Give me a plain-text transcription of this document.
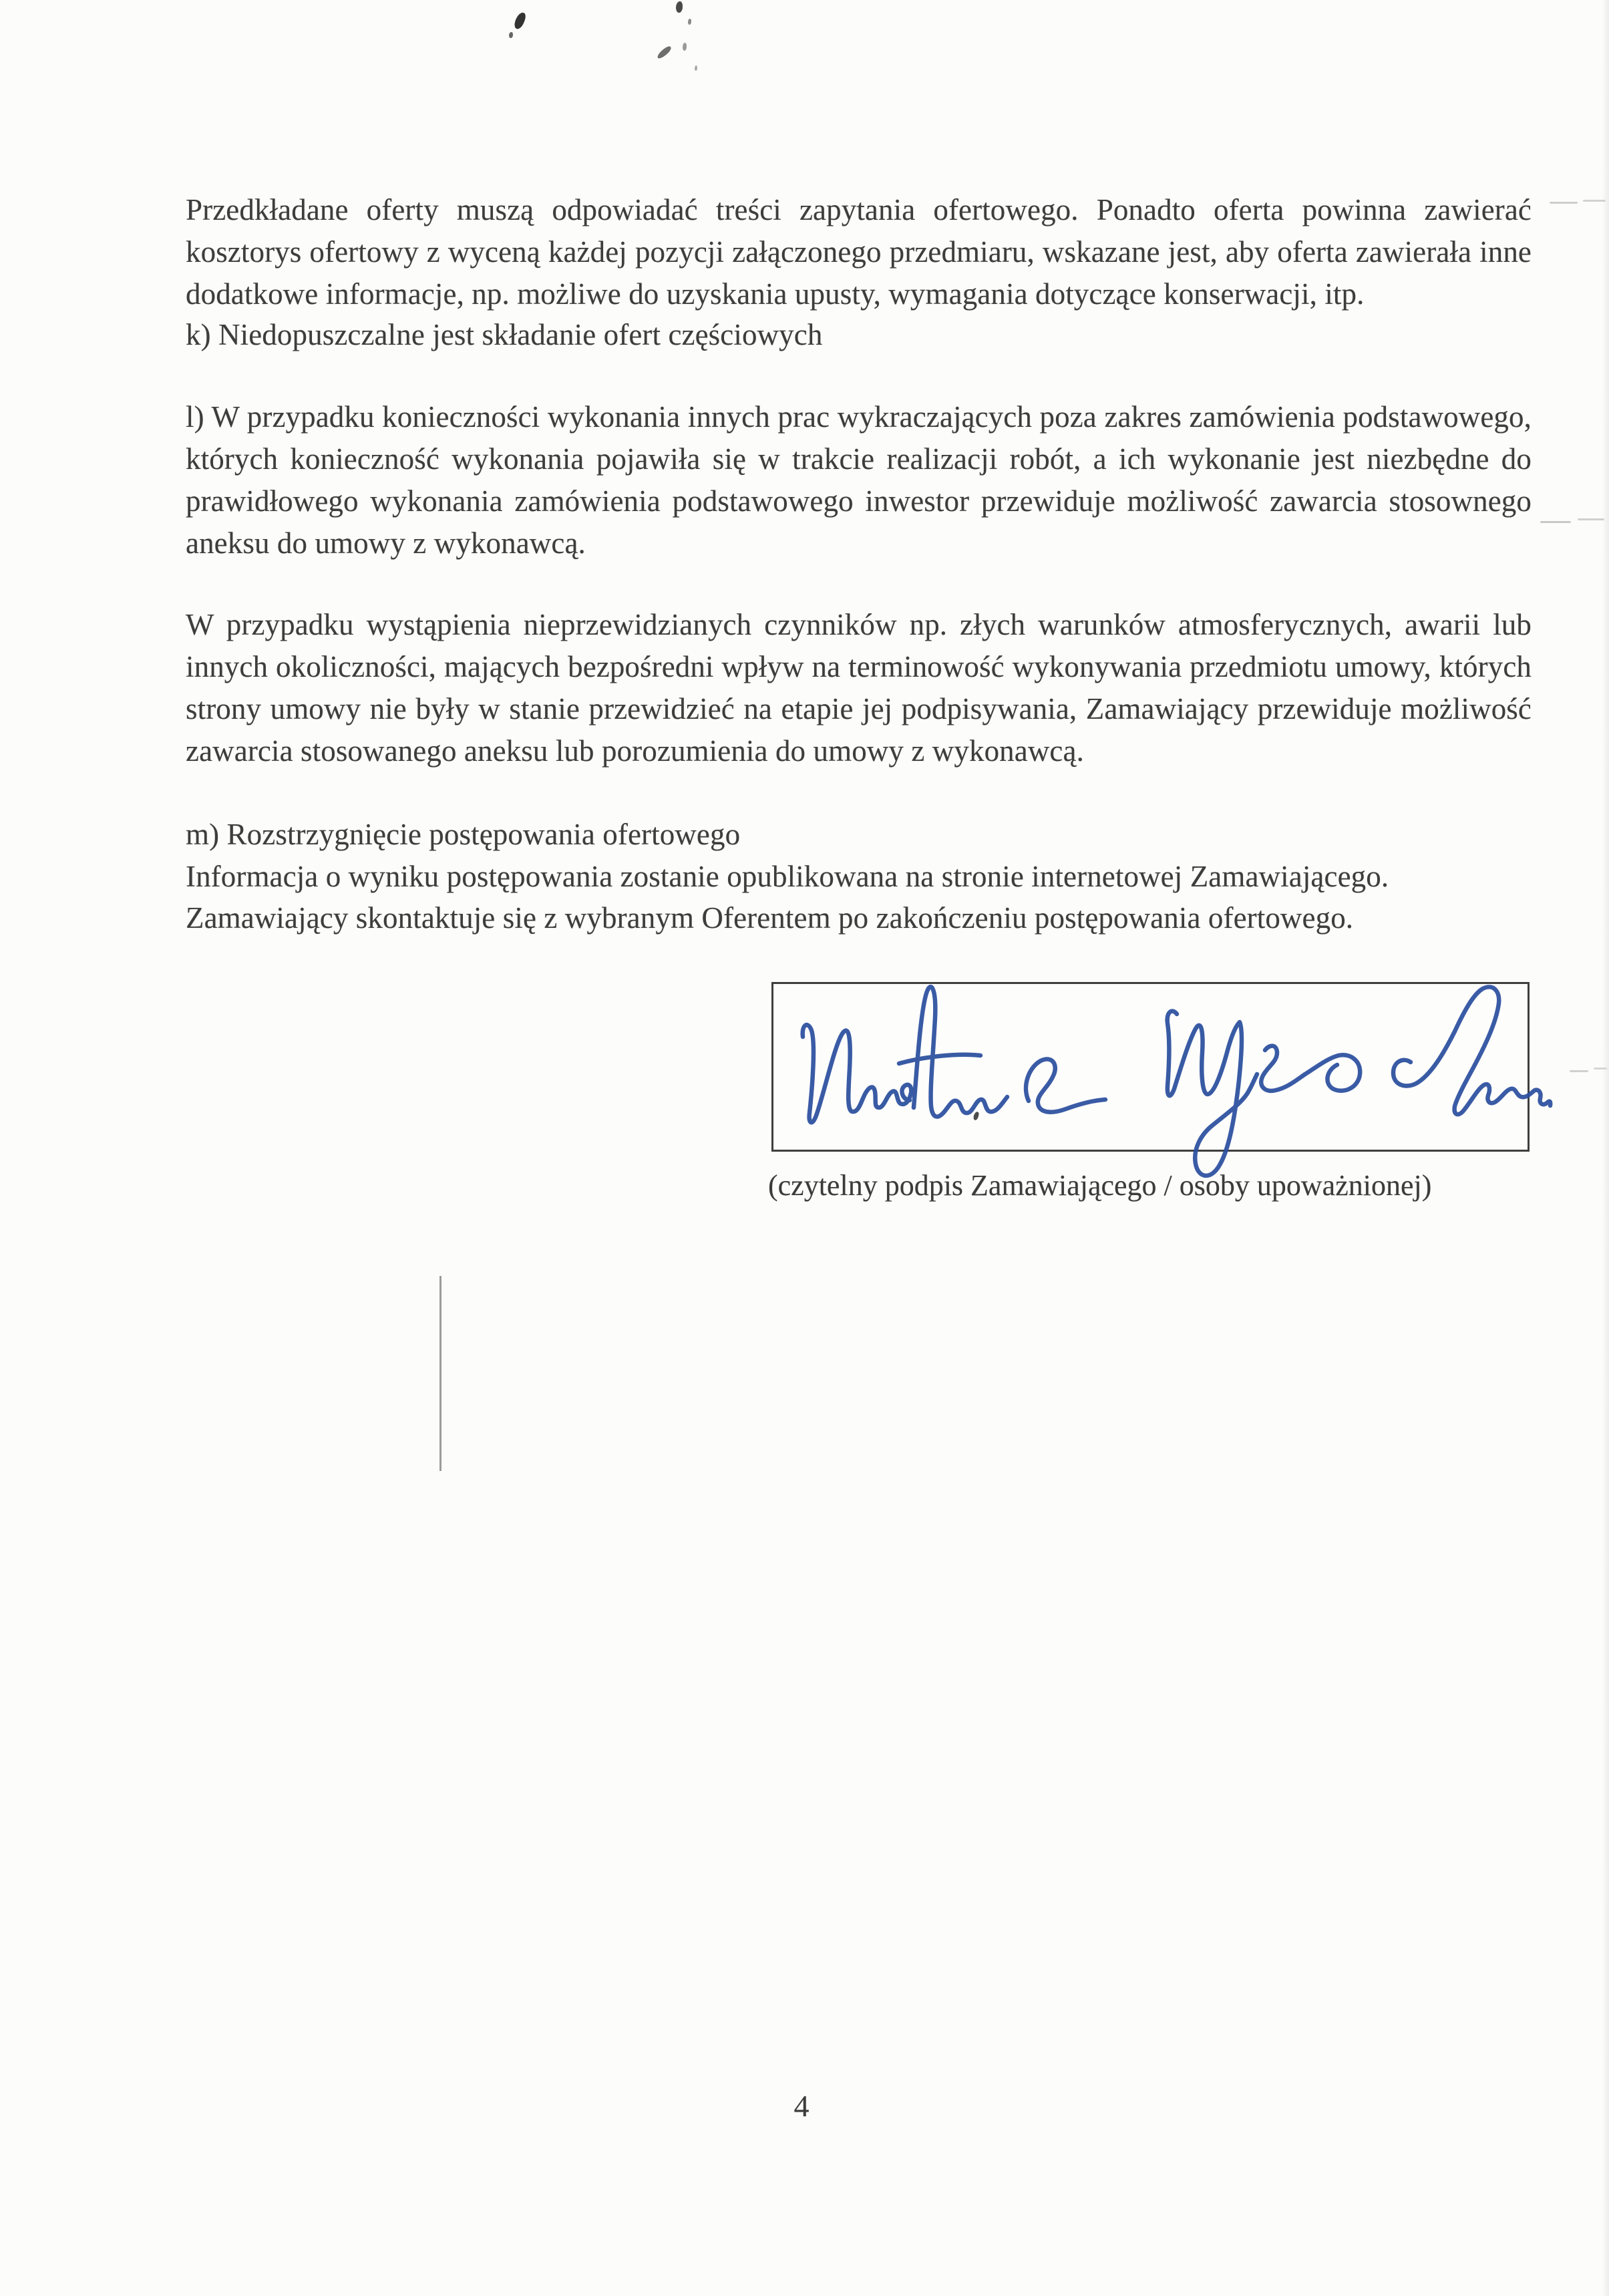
Przedkładane oferty muszą odpowiadać treści zapytania ofertowego. Ponadto oferta powinna zawierać kosztorys ofertowy z wyceną każdej pozycji załączonego przedmiaru, wskazane jest, aby oferta zawierała inne dodatkowe informacje, np. możliwe do uzyskania upusty, wymagania dotyczące konserwacji, itp.
k) Niedopuszczalne jest składanie ofert częściowych
l) W przypadku konieczności wykonania innych prac wykraczających poza zakres zamówienia podstawowego, których konieczność wykonania pojawiła się w trakcie realizacji robót, a ich wykonanie jest niezbędne do prawidłowego wykonania zamówienia podstawowego inwestor przewiduje możliwość zawarcia stosownego aneksu do umowy z wykonawcą.
W przypadku wystąpienia nieprzewidzianych czynników np. złych warunków atmosferycznych, awarii lub innych okoliczności, mających bezpośredni wpływ na terminowość wykonywania przedmiotu umowy, których strony umowy nie były w stanie przewidzieć na etapie jej podpisywania, Zamawiający przewiduje możliwość zawarcia stosowanego aneksu lub porozumienia do umowy z wykonawcą.
m) Rozstrzygnięcie postępowania ofertowego
Informacja o wyniku postępowania zostanie opublikowana na stronie internetowej Zamawiającego.
Zamawiający skontaktuje się z wybranym Oferentem po zakończeniu postępowania ofertowego.
(czytelny podpis Zamawiającego / osoby upoważnionej)
4
